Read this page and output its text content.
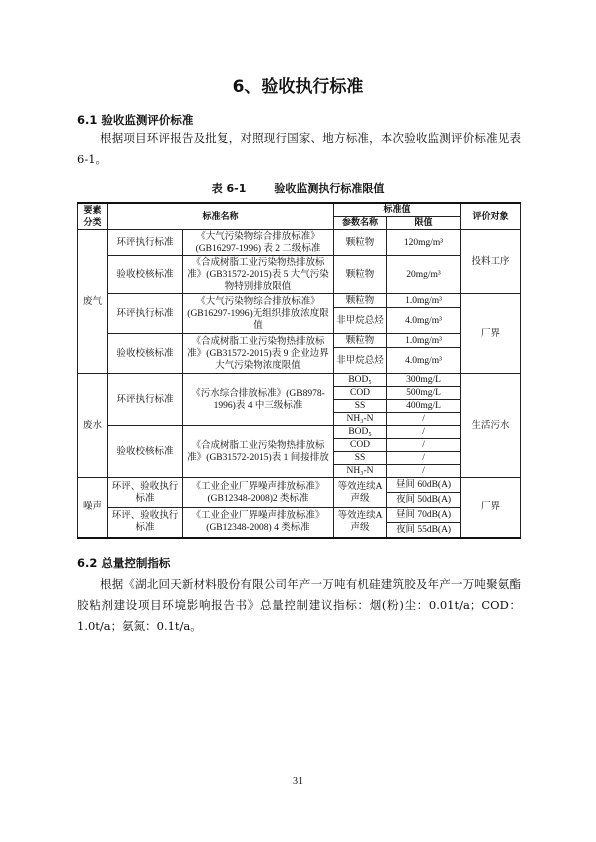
6、验收执行标准
6.1 验收监测评价标准
根据项目环评报告及批复，对照现行国家、地方标准，本次验收监测评价标准见表6-1。
表 6-1	验收监测执行标准限值
要素分类	标准名称		标准值		评价对象
			参数名称	限值	
废气	环评执行标准	《大气污染物综合排放标准》(GB16297-1996) 表 2 二级标准	颗粒物	120mg/m³	投料工序
	验收校核标准	《合成树脂工业污染物热排放标准》(GB31572-2015)表 5 大气污染物特别排放限值	颗粒物	20mg/m³	
	环评执行标准	《大气污染物综合排放标准》(GB16297-1996)无组织排放浓度限值	颗粒物	1.0mg/m³	厂界
			非甲烷总烃	4.0mg/m³	
	验收校核标准	《合成树脂工业污染物热排放标准》(GB31572-2015)表 9 企业边界大气污染物浓度限值	颗粒物	1.0mg/m³	
			非甲烷总烃	4.0mg/m³	
废水	环评执行标准	《污水综合排放标准》(GB8978-1996)表 4 中三级标准	BOD₅	300mg/L	生活污水
			COD	500mg/L	
			SS	400mg/L	
			NH₃-N	/	
	验收校核标准	《合成树脂工业污染物热排放标准》(GB31572-2015)表 1 间接排放	BOD₅	/	
			COD	/	
			SS	/	
			NH₃-N	/	
噪声	环评、验收执行标准	《工业企业厂界噪声排放标准》(GB12348-2008)2 类标准	等效连续A 声级	昼间 60dB(A)	厂界
				夜间 50dB(A)	
	环评、验收执行标准	《工业企业厂界噪声排放标准》(GB12348-2008) 4 类标准	等效连续A 声级	昼间 70dB(A)	
				夜间 55dB(A)	
6.2 总量控制指标
根据《湖北回天新材料股份有限公司年产一万吨有机硅建筑胶及年产一万吨聚氨酯胶粘剂建设项目环境影响报告书》总量控制建议指标：烟(粉)尘：0.01t/a；COD：1.0t/a；氨氮：0.1t/a。
31
